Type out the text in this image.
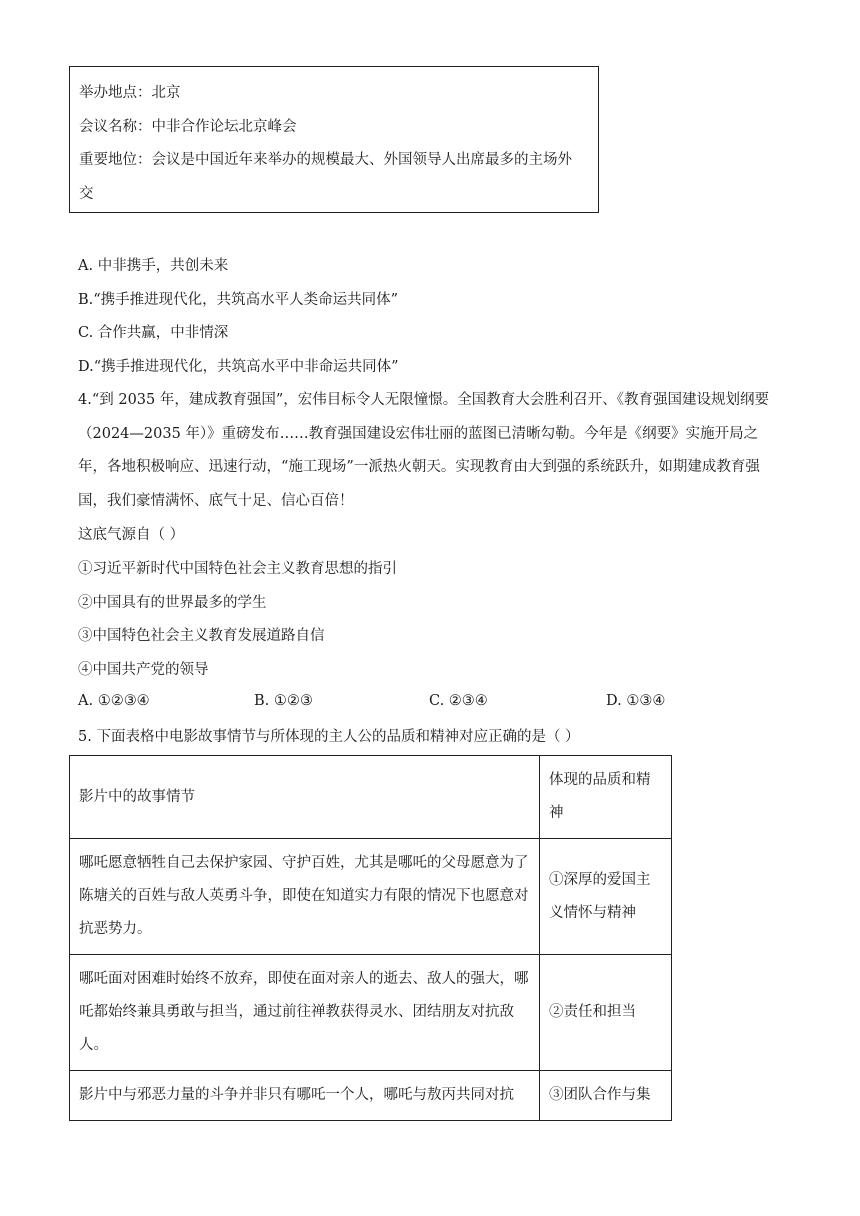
举办地点：北京
会议名称：中非合作论坛北京峰会
重要地位：会议是中国近年来举办的规模最大、外国领导人出席最多的主场外
交
A. 中非携手，共创未来
B.“携手推进现代化，共筑高水平人类命运共同体”
C. 合作共赢，中非情深
D.“携手推进现代化，共筑高水平中非命运共同体”
4.“到 2035 年，建成教育强国”，宏伟目标令人无限憧憬。全国教育大会胜利召开、《教育强国建设规划纲要（2024—2035 年）》重磅发布……教育强国建设宏伟壮丽的蓝图已清晰勾勒。今年是《纲要》实施开局之年，各地积极响应、迅速行动，“施工现场”一派热火朝天。实现教育由大到强的系统跃升，如期建成教育强国，我们豪情满怀、底气十足、信心百倍！
这底气源自（ ）
①习近平新时代中国特色社会主义教育思想的指引
②中国具有的世界最多的学生
③中国特色社会主义教育发展道路自信
④中国共产党的领导
A. ①②③④	B. ①②③	C. ②③④	D. ①③④
5. 下面表格中电影故事情节与所体现的主人公的品质和精神对应正确的是（ ）
影片中的故事情节	体现的品质和精神
哪吒愿意牺牲自己去保护家园、守护百姓，尤其是哪吒的父母愿意为了陈塘关的百姓与敌人英勇斗争，即使在知道实力有限的情况下也愿意对抗恶势力。	①深厚的爱国主义情怀与精神
哪吒面对困难时始终不放弃，即使在面对亲人的逝去、敌人的强大，哪吒都始终兼具勇敢与担当，通过前往禅教获得灵水、团结朋友对抗敌人。	②责任和担当
影片中与邪恶力量的斗争并非只有哪吒一个人，哪吒与敖丙共同对抗	③团队合作与集
